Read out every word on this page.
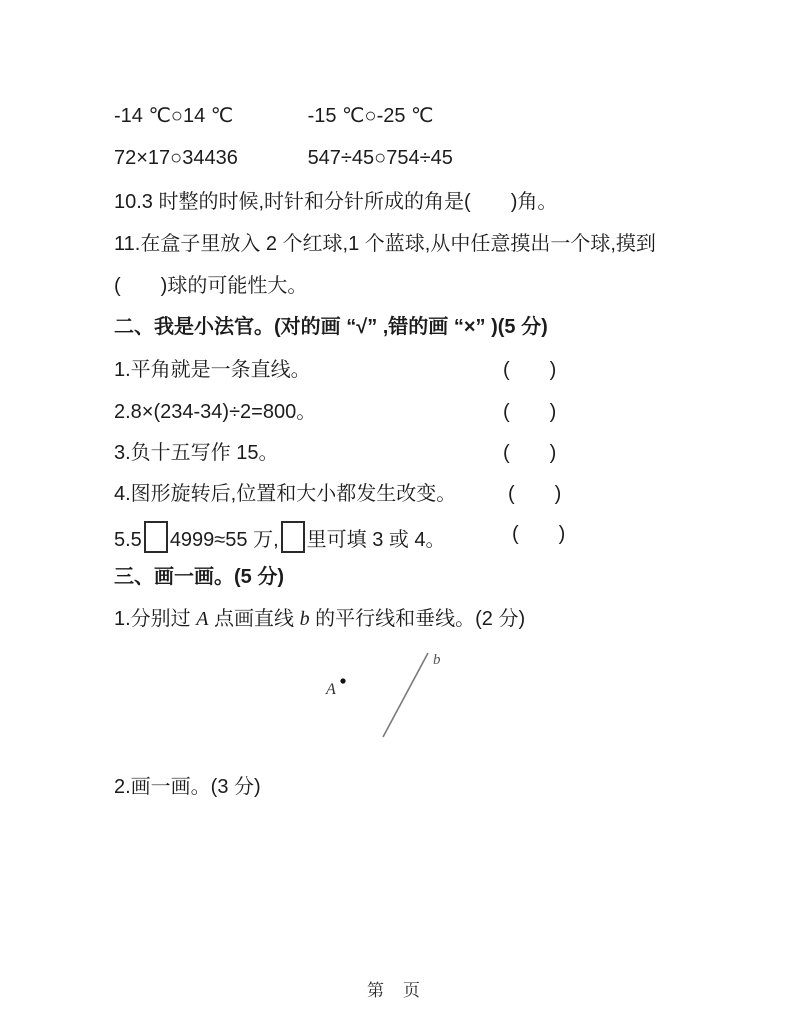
-14 ℃○14 ℃	-15 ℃○-25 ℃
72×17○34436	547÷45○754÷45
10.3 时整的时候,时针和分针所成的角是(　　)角。
11.在盒子里放入 2 个红球,1 个蓝球,从中任意摸出一个球,摸到
(　　)球的可能性大。
二、我是小法官。(对的画 “√” ,错的画 “×” )(5 分)
1.平角就是一条直线。	(　　)
2.8×(234-34)÷2=800。	(　　)
3.负十五写作 15。	(　　)
4.图形旋转后,位置和大小都发生改变。	(　　)
5.5 4999≈55 万, 里可填 3 或 4。	(　　)
三、画一画。(5 分)
1.分别过 A 点画直线 b 的平行线和垂线。(2 分)
A
b
2.画一画。(3 分)
第　页
